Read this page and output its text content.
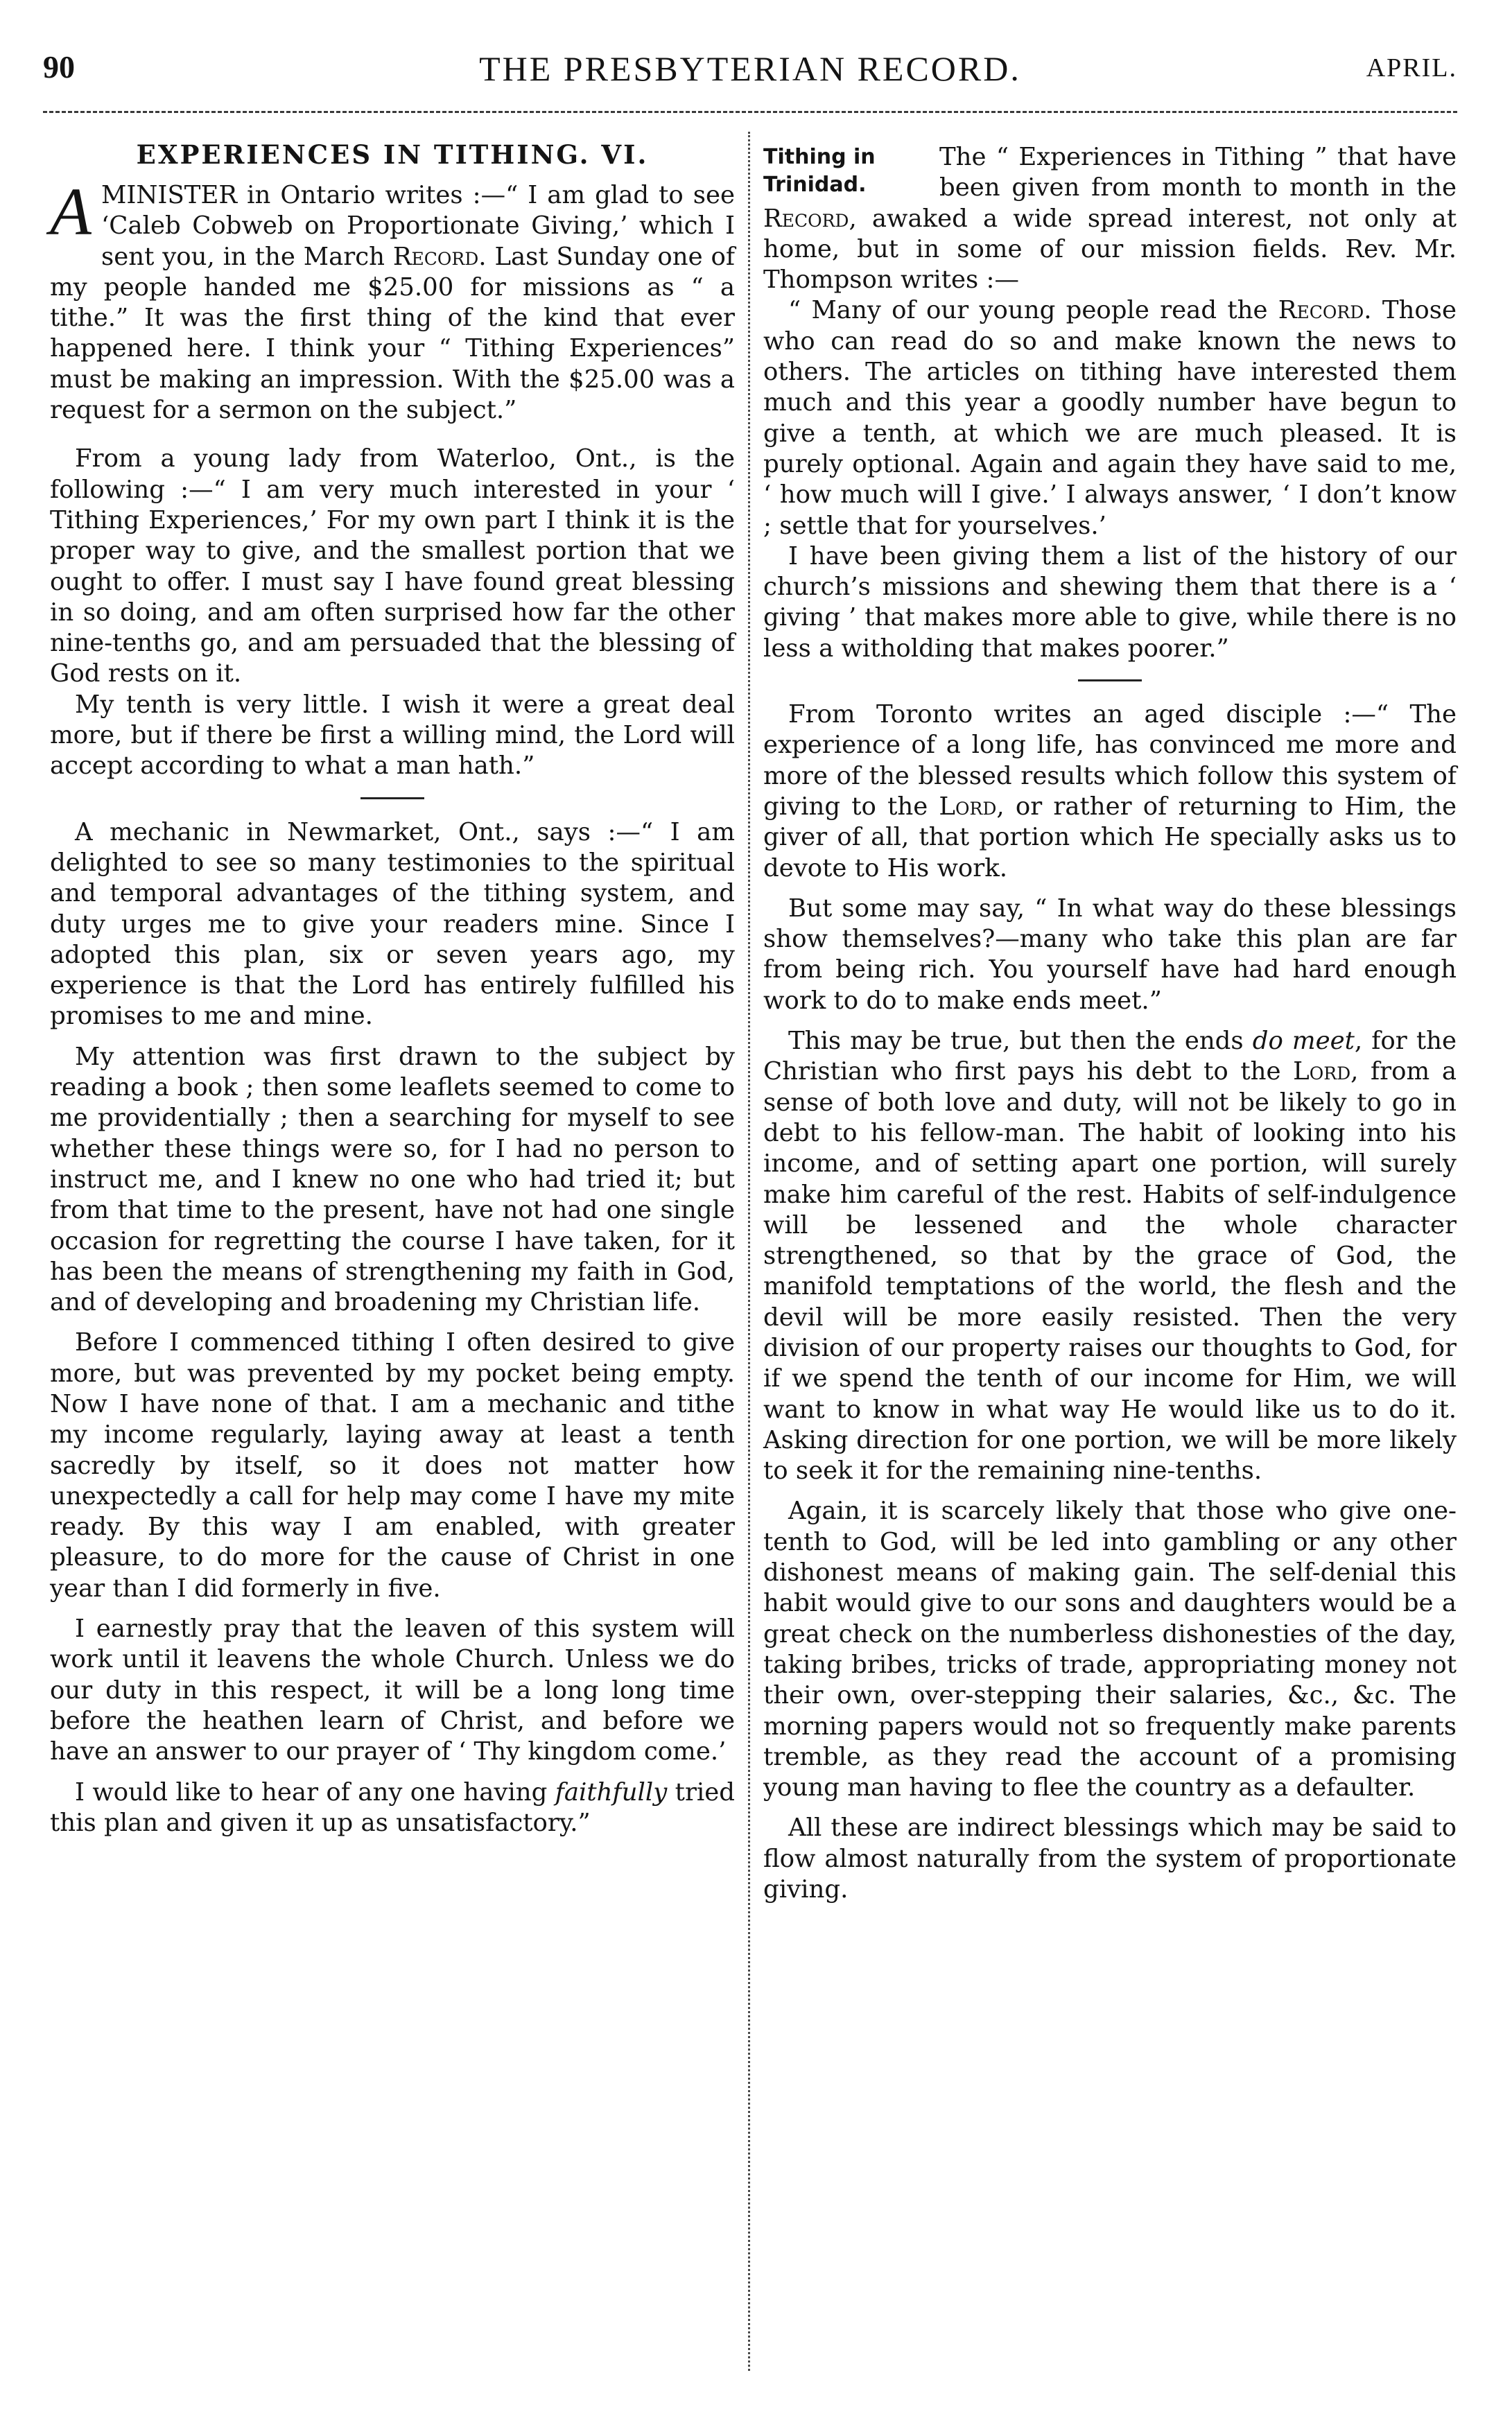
90	THE PRESBYTERIAN RECORD.	APRIL.
EXPERIENCES IN TITHING. VI.

AMINISTER in Ontario writes :—“ I am glad to see ‘Caleb Cobweb on Proportionate Giving,’ which I sent you, in the March Record. Last Sunday one of my people handed me $25.00 for missions as “ a tithe.” It was the first thing of the kind that ever happened here. I think your “ Tithing Experiences” must be making an impression. With the $25.00 was a request for a sermon on the subject.”

From a young lady from Waterloo, Ont., is the following :—“ I am very much interested in your ‘ Tithing Experiences,’ For my own part I think it is the proper way to give, and the smallest portion that we ought to offer. I must say I have found great blessing in so doing, and am often surprised how far the other nine-tenths go, and am persuaded that the blessing of God rests on it.

My tenth is very little. I wish it were a great deal more, but if there be first a willing mind, the Lord will accept according to what a man hath.”

A mechanic in Newmarket, Ont., says :—“ I am delighted to see so many testimonies to the spiritual and temporal advantages of the tithing system, and duty urges me to give your readers mine. Since I adopted this plan, six or seven years ago, my experience is that the Lord has entirely fulfilled his promises to me and mine.

My attention was first drawn to the subject by reading a book ; then some leaflets seemed to come to me providentially ; then a searching for myself to see whether these things were so, for I had no person to instruct me, and I knew no one who had tried it; but from that time to the present, have not had one single occasion for regretting the course I have taken, for it has been the means of strengthening my faith in God, and of developing and broadening my Christian life.

Before I commenced tithing I often desired to give more, but was prevented by my pocket being empty. Now I have none of that. I am a mechanic and tithe my income regularly, laying away at least a tenth sacredly by itself, so it does not matter how unexpectedly a call for help may come I have my mite ready. By this way I am enabled, with greater pleasure, to do more for the cause of Christ in one year than I did formerly in five.

I earnestly pray that the leaven of this system will work until it leavens the whole Church. Unless we do our duty in this respect, it will be a long long time before the heathen learn of Christ, and before we have an answer to our prayer of ‘ Thy kingdom come.’

I would like to hear of any one having faithfully tried this plan and given it up as unsatisfactory.”

Tithing in Trinidad.
The “ Experiences in Tithing ” that have been given from month to month in the Record, awaked a wide spread interest, not only at home, but in some of our mission fields. Rev. Mr. Thompson writes :—

“ Many of our young people read the Record. Those who can read do so and make known the news to others. The articles on tithing have interested them much and this year a goodly number have begun to give a tenth, at which we are much pleased. It is purely optional. Again and again they have said to me, ‘ how much will I give.’ I always answer, ‘ I don’t know ; settle that for yourselves.’

I have been giving them a list of the history of our church’s missions and shewing them that there is a ‘ giving ’ that makes more able to give, while there is no less a witholding that makes poorer.”

From Toronto writes an aged disciple :—“ The experience of a long life, has convinced me more and more of the blessed results which follow this system of giving to the Lord, or rather of returning to Him, the giver of all, that portion which He specially asks us to devote to His work.

But some may say, “ In what way do these blessings show themselves?—many who take this plan are far from being rich. You yourself have had hard enough work to do to make ends meet.”

This may be true, but then the ends do meet, for the Christian who first pays his debt to the Lord, from a sense of both love and duty, will not be likely to go in debt to his fellow-man. The habit of looking into his income, and of setting apart one portion, will surely make him careful of the rest. Habits of self-indulgence will be lessened and the whole character strengthened, so that by the grace of God, the manifold temptations of the world, the flesh and the devil will be more easily resisted. Then the very division of our property raises our thoughts to God, for if we spend the tenth of our income for Him, we will want to know in what way He would like us to do it. Asking direction for one portion, we will be more likely to seek it for the remaining nine-tenths.

Again, it is scarcely likely that those who give one-tenth to God, will be led into gambling or any other dishonest means of making gain. The self-denial this habit would give to our sons and daughters would be a great check on the numberless dishonesties of the day, taking bribes, tricks of trade, appropriating money not their own, over-stepping their salaries, &c., &c. The morning papers would not so frequently make parents tremble, as they read the account of a promising young man having to flee the country as a defaulter.

All these are indirect blessings which may be said to flow almost naturally from the system of proportionate giving.
